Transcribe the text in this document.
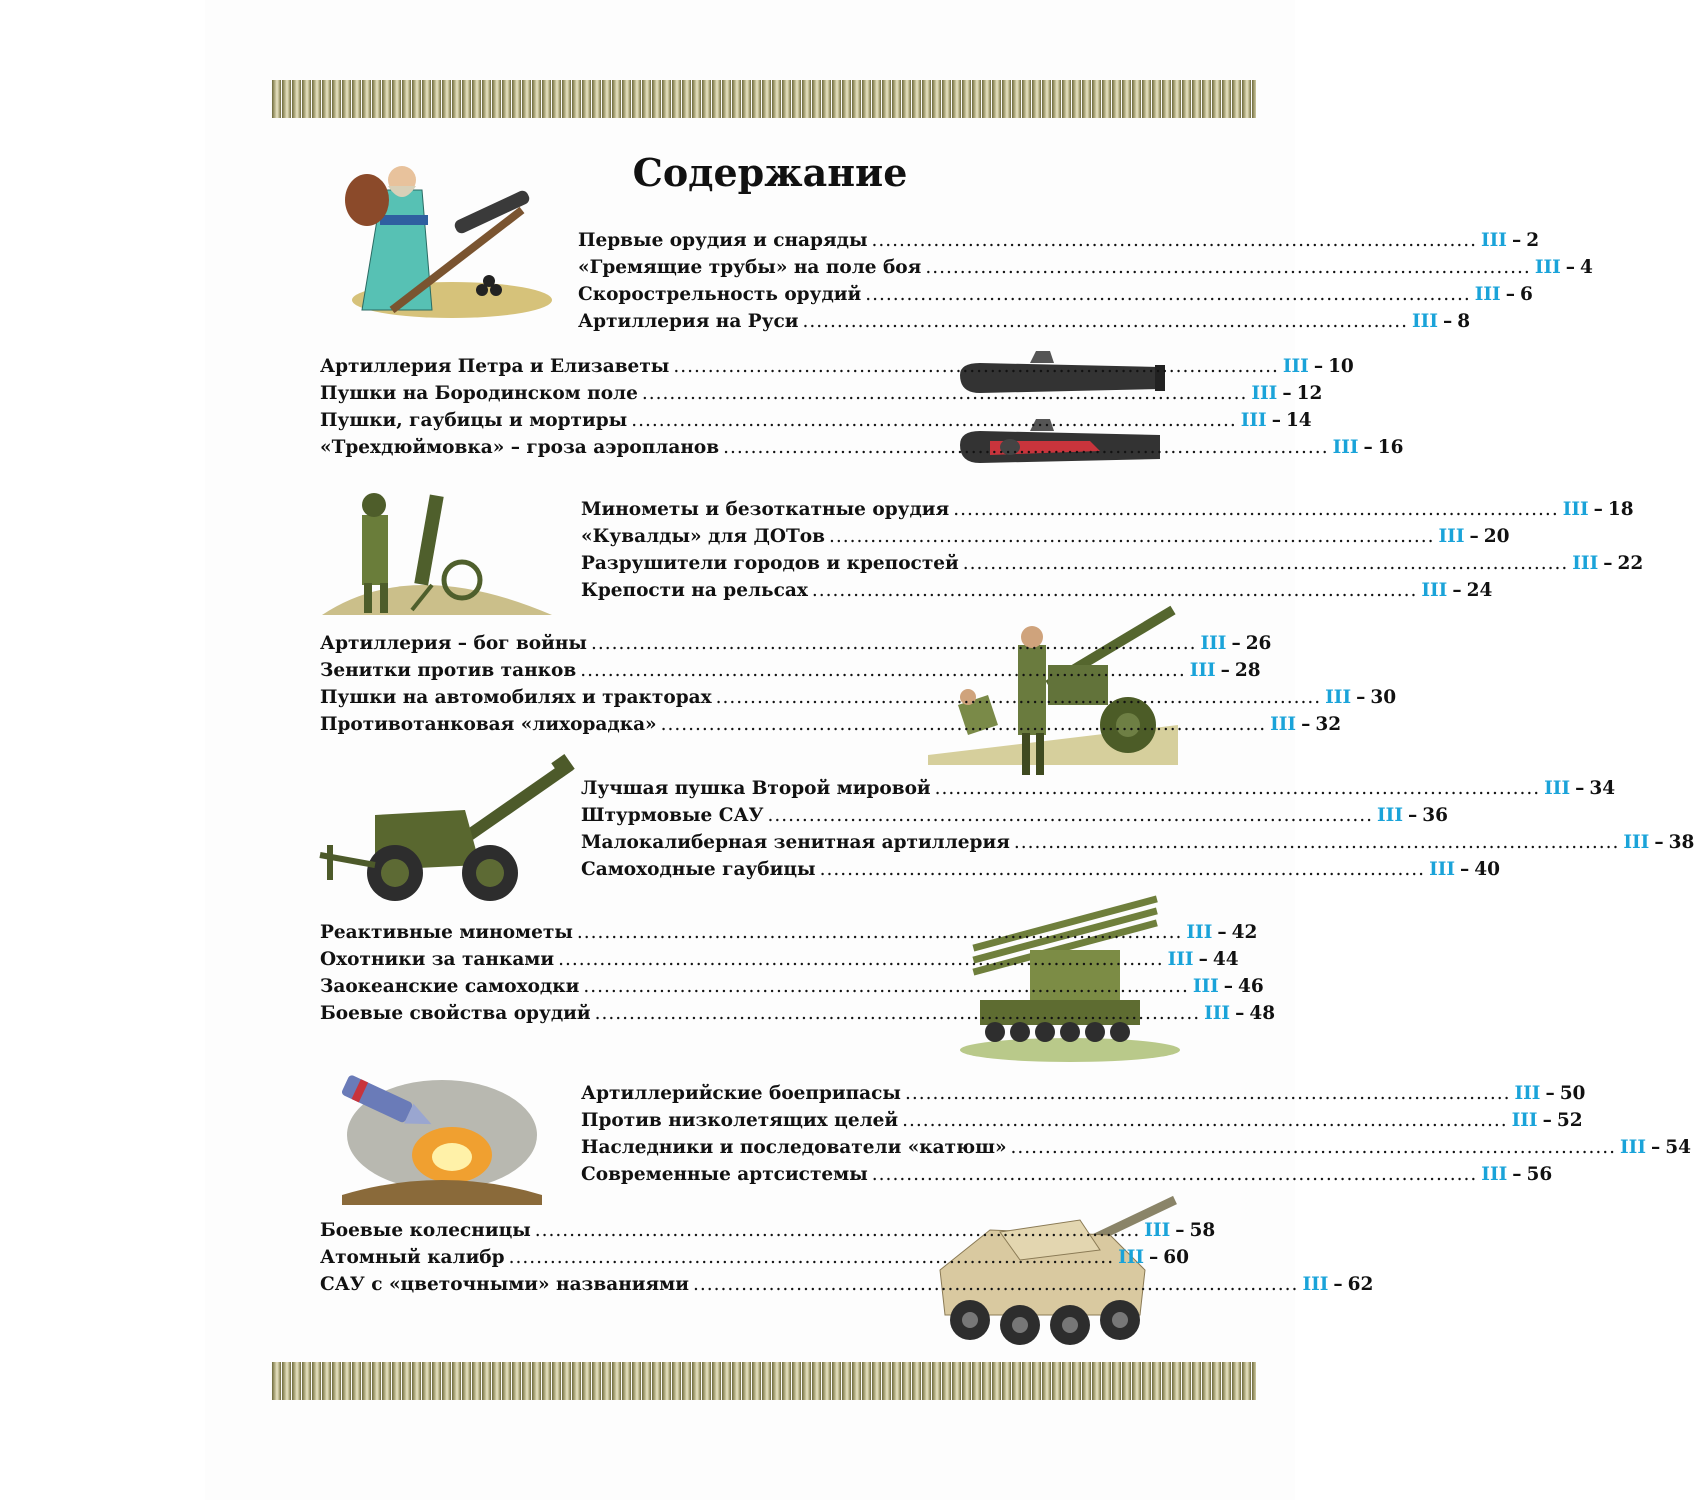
Содержание
Первые орудия и снаряды ........................................................................................ III – 2
«Гремящие трубы» на поле боя ........................................................................................ III – 4
Скорострельность орудий ........................................................................................ III – 6
Артиллерия на Руси ........................................................................................ III – 8
Артиллерия Петра и Елизаветы ........................................................................................ III – 10
Пушки на Бородинском поле ........................................................................................ III – 12
Пушки, гаубицы и мортиры ........................................................................................ III – 14
«Трехдюймовка» – гроза аэропланов ........................................................................................ III – 16
Минометы и безоткатные орудия ........................................................................................ III – 18
«Кувалды» для ДОТов ........................................................................................ III – 20
Разрушители городов и крепостей ........................................................................................ III – 22
Крепости на рельсах ........................................................................................ III – 24
Артиллерия – бог войны ........................................................................................ III – 26
Зенитки против танков ........................................................................................ III – 28
Пушки на автомобилях и тракторах ........................................................................................ III – 30
Противотанковая «лихорадка» ........................................................................................ III – 32
Лучшая пушка Второй мировой ........................................................................................ III – 34
Штурмовые САУ ........................................................................................ III – 36
Малокалиберная зенитная артиллерия ........................................................................................ III – 38
Самоходные гаубицы ........................................................................................ III – 40
Реактивные минометы ........................................................................................ III – 42
Охотники за танками ........................................................................................ III – 44
Заокеанские самоходки ........................................................................................ III – 46
Боевые свойства орудий ........................................................................................ III – 48
Артиллерийские боеприпасы ........................................................................................ III – 50
Против низколетящих целей ........................................................................................ III – 52
Наследники и последователи «катюш» ........................................................................................ III – 54
Современные артсистемы ........................................................................................ III – 56
Боевые колесницы ........................................................................................ III – 58
Атомный калибр ........................................................................................ III – 60
САУ с «цветочными» названиями ........................................................................................ III – 62
